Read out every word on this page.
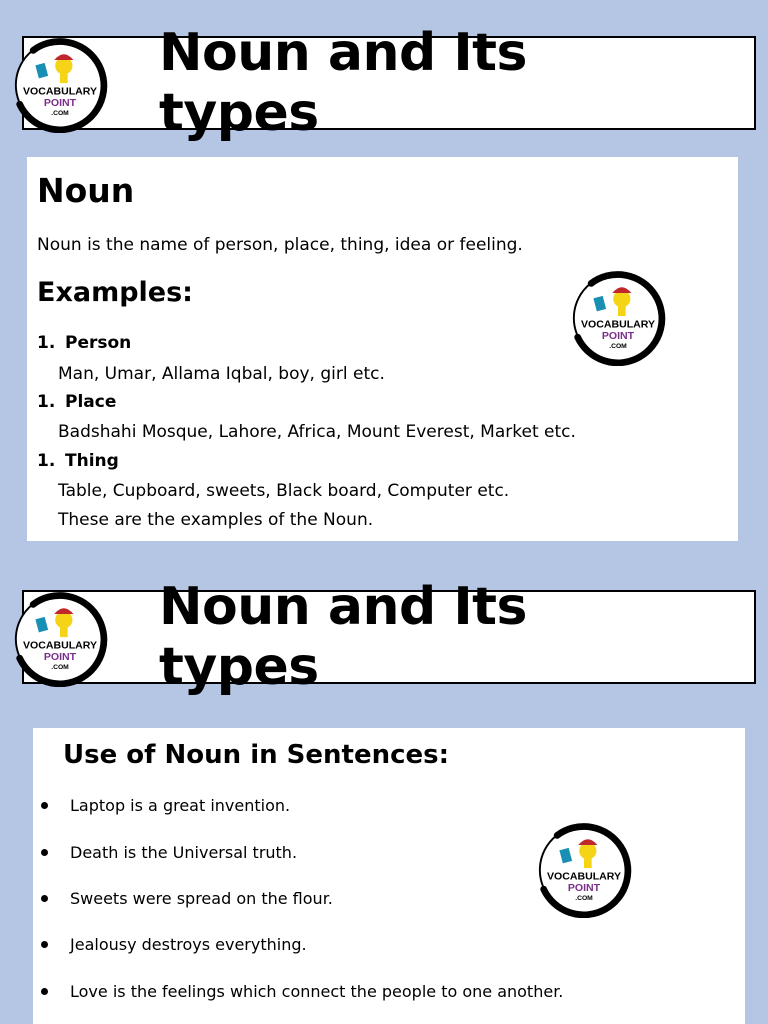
Noun and Its types
VOCABULARY
POINT
.COM
Noun
Noun is the name of person, place, thing, idea or feeling.
Examples:
1. Person
Man, Umar, Allama Iqbal, boy, girl etc.
1. Place
Badshahi Mosque, Lahore, Africa, Mount Everest, Market etc.
1. Thing
Table, Cupboard, sweets, Black board, Computer etc.
These are the examples of the Noun.
VOCABULARY
POINT
.COM
Noun and Its types
VOCABULARY
POINT
.COM
Use of Noun in Sentences:
Laptop is a great invention.
Death is the Universal truth.
Sweets were spread on the flour.
Jealousy destroys everything.
Love is the feelings which connect the people to one another.
VOCABULARY
POINT
.COM
